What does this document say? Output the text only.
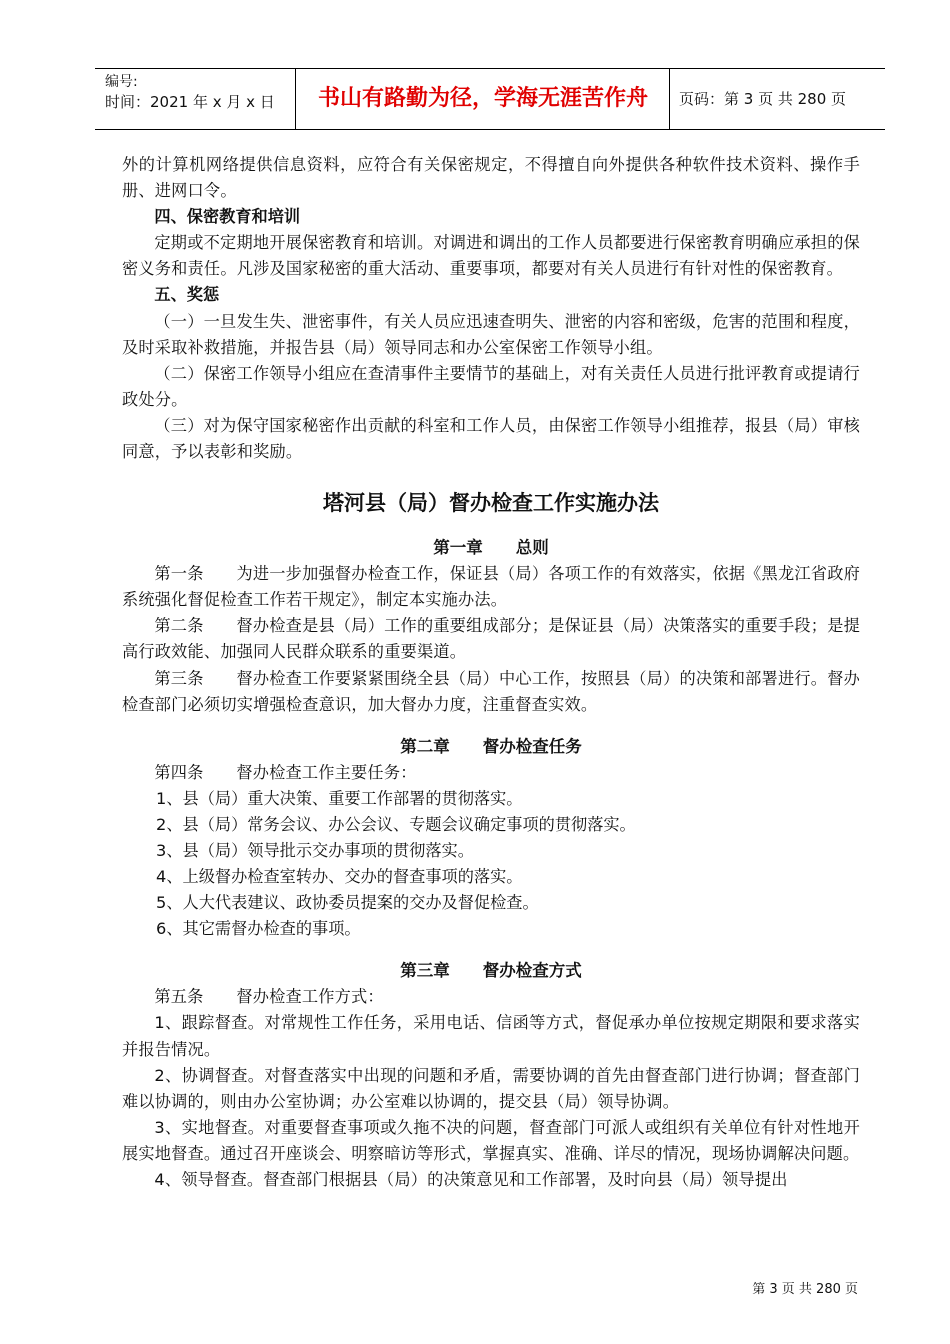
编号:
时间：2021 年 x 月 x 日	书山有路勤为径，学海无涯苦作舟	页码：第 3 页 共 280 页

外的计算机网络提供信息资料，应符合有关保密规定，不得擅自向外提供各种软件技术资料、操作手册、进网口令。

四、保密教育和培训

定期或不定期地开展保密教育和培训。对调进和调出的工作人员都要进行保密教育明确应承担的保密义务和责任。凡涉及国家秘密的重大活动、重要事项，都要对有关人员进行有针对性的保密教育。

五、奖惩

（一）一旦发生失、泄密事件，有关人员应迅速查明失、泄密的内容和密级，危害的范围和程度，及时采取补救措施，并报告县（局）领导同志和办公室保密工作领导小组。

（二）保密工作领导小组应在查清事件主要情节的基础上，对有关责任人员进行批评教育或提请行政处分。

（三）对为保守国家秘密作出贡献的科室和工作人员，由保密工作领导小组推荐，报县（局）审核同意，予以表彰和奖励。

塔河县（局）督办检查工作实施办法

第一章　　总则

第一条　　为进一步加强督办检查工作，保证县（局）各项工作的有效落实，依据《黑龙江省政府系统强化督促检查工作若干规定》，制定本实施办法。

第二条　　督办检查是县（局）工作的重要组成部分；是保证县（局）决策落实的重要手段；是提高行政效能、加强同人民群众联系的重要渠道。

第三条　　督办检查工作要紧紧围绕全县（局）中心工作，按照县（局）的决策和部署进行。督办检查部门必须切实增强检查意识，加大督办力度，注重督查实效。

第二章　　督办检查任务

第四条　　督办检查工作主要任务：

1、县（局）重大决策、重要工作部署的贯彻落实。

2、县（局）常务会议、办公会议、专题会议确定事项的贯彻落实。

3、县（局）领导批示交办事项的贯彻落实。

4、上级督办检查室转办、交办的督查事项的落实。

5、人大代表建议、政协委员提案的交办及督促检查。

6、其它需督办检查的事项。

第三章　　督办检查方式

第五条　　督办检查工作方式：

1、跟踪督查。对常规性工作任务，采用电话、信函等方式，督促承办单位按规定期限和要求落实并报告情况。

2、协调督查。对督查落实中出现的问题和矛盾，需要协调的首先由督查部门进行协调；督查部门难以协调的，则由办公室协调；办公室难以协调的，提交县（局）领导协调。

3、实地督查。对重要督查事项或久拖不决的问题，督查部门可派人或组织有关单位有针对性地开展实地督查。通过召开座谈会、明察暗访等形式，掌握真实、准确、详尽的情况，现场协调解决问题。

4、领导督查。督查部门根据县（局）的决策意见和工作部署，及时向县（局）领导提出

第 3 页 共 280 页
